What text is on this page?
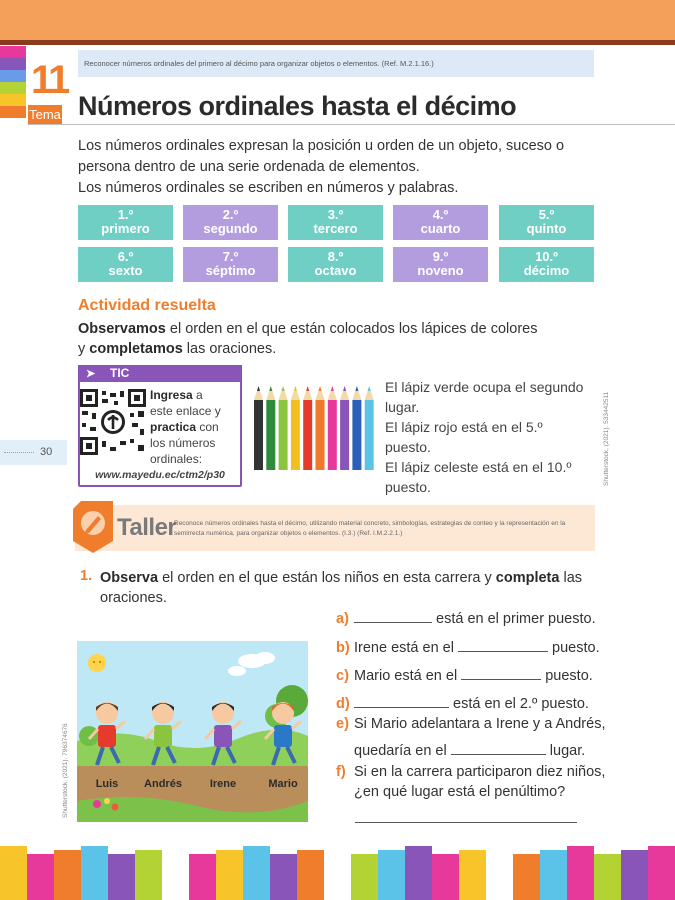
11
Tema
Reconocer números ordinales del primero al décimo para organizar objetos o elementos. (Ref. M.2.1.16.)
Números ordinales hasta el décimo
Los números ordinales expresan la posición u orden de un objeto, suceso o persona dentro de una serie ordenada de elementos.
Los números ordinales se escriben en números y palabras.
1.º
primero
2.º
segundo
3.º
tercero
4.º
cuarto
5.º
quinto
6.º
sexto
7.º
séptimo
8.º
octavo
9.º
noveno
10.º
décimo
Actividad resuelta
Observamos el orden en el que están colocados los lápices de colores
y completamos las oraciones.
➤ TIC
Ingresa a
este enlace y
practica con
los números
ordinales:
www.mayedu.ec/ctm2/p30
El lápiz verde ocupa el segundo lugar.
El lápiz rojo está en el 5.º puesto.
El lápiz celeste está en el 10.º puesto.
Shutterstock, (2021). 533442511
30
Taller
Reconoce números ordinales hasta el décimo, utilizando material concreto, simbologías, estrategias de conteo y la representación en la semirrecta numérica, para organizar objetos o elementos. (I.3.) (Ref. I.M.2.2.1.)
1. Observa el orden en el que están los niños en esta carrera y completa las
oraciones.
Luis Andrés	Irene	Mario
Shutterstock, (2021). 796374676
a)	está en el primer puesto.
b) Irene está en el	puesto.
c) Mario está en el	puesto.
d)	está en el 2.º puesto.
e) Si Mario adelantara a Irene y a Andrés,
quedaría en el	lugar.
f) Si en la carrera participaron diez niños,
¿en qué lugar está el penúltimo?
